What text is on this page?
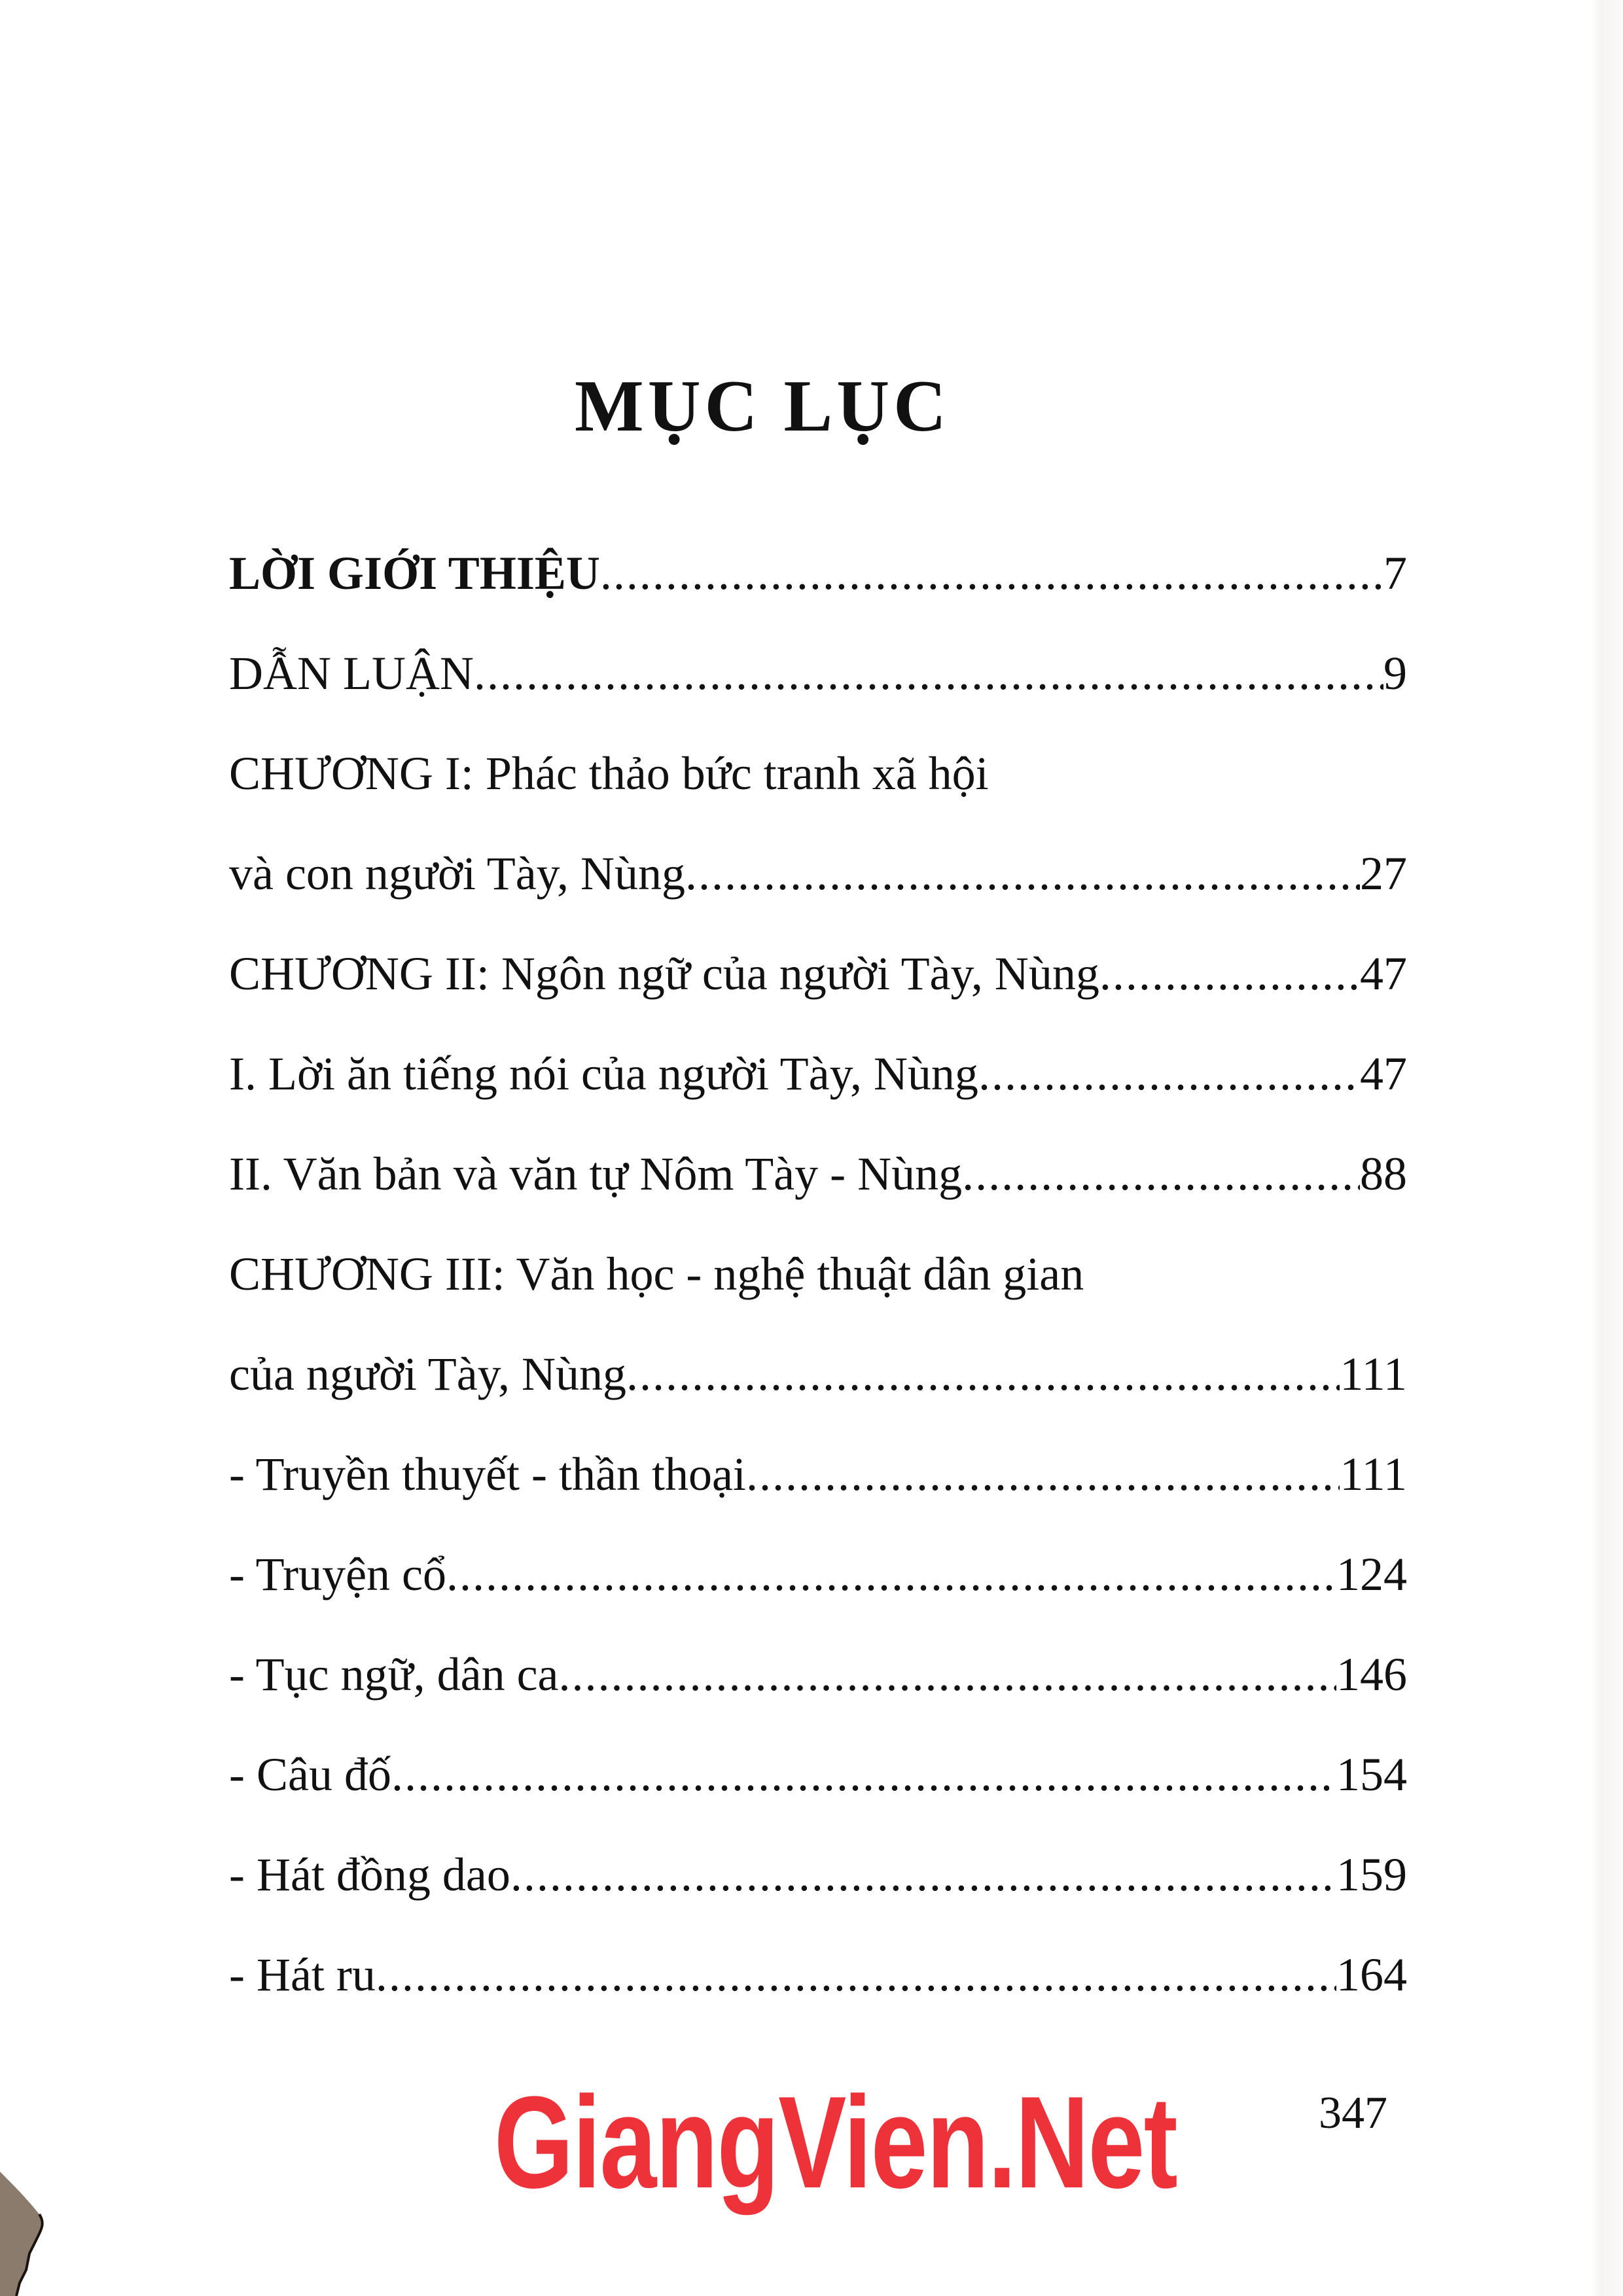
MỤC LỤC
LỜI GIỚI THIỆU .....	7
DẪN LUẬN .....	9
CHƯƠNG I: Phác thảo bức tranh xã hội
và con người Tày, Nùng .....	27
CHƯƠNG II: Ngôn ngữ của người Tày, Nùng .....	47
I. Lời ăn tiếng nói của người Tày, Nùng .....	47
II. Văn bản và văn tự Nôm Tày - Nùng .....	88
CHƯƠNG III: Văn học - nghệ thuật dân gian
của người Tày, Nùng .....	111
- Truyền thuyết - thần thoại .....	111
- Truyện cổ .....	124
- Tục ngữ, dân ca .....	146
- Câu đố .....	154
- Hát đồng dao .....	159
- Hát ru .....	164
GiangVien.Net	347
